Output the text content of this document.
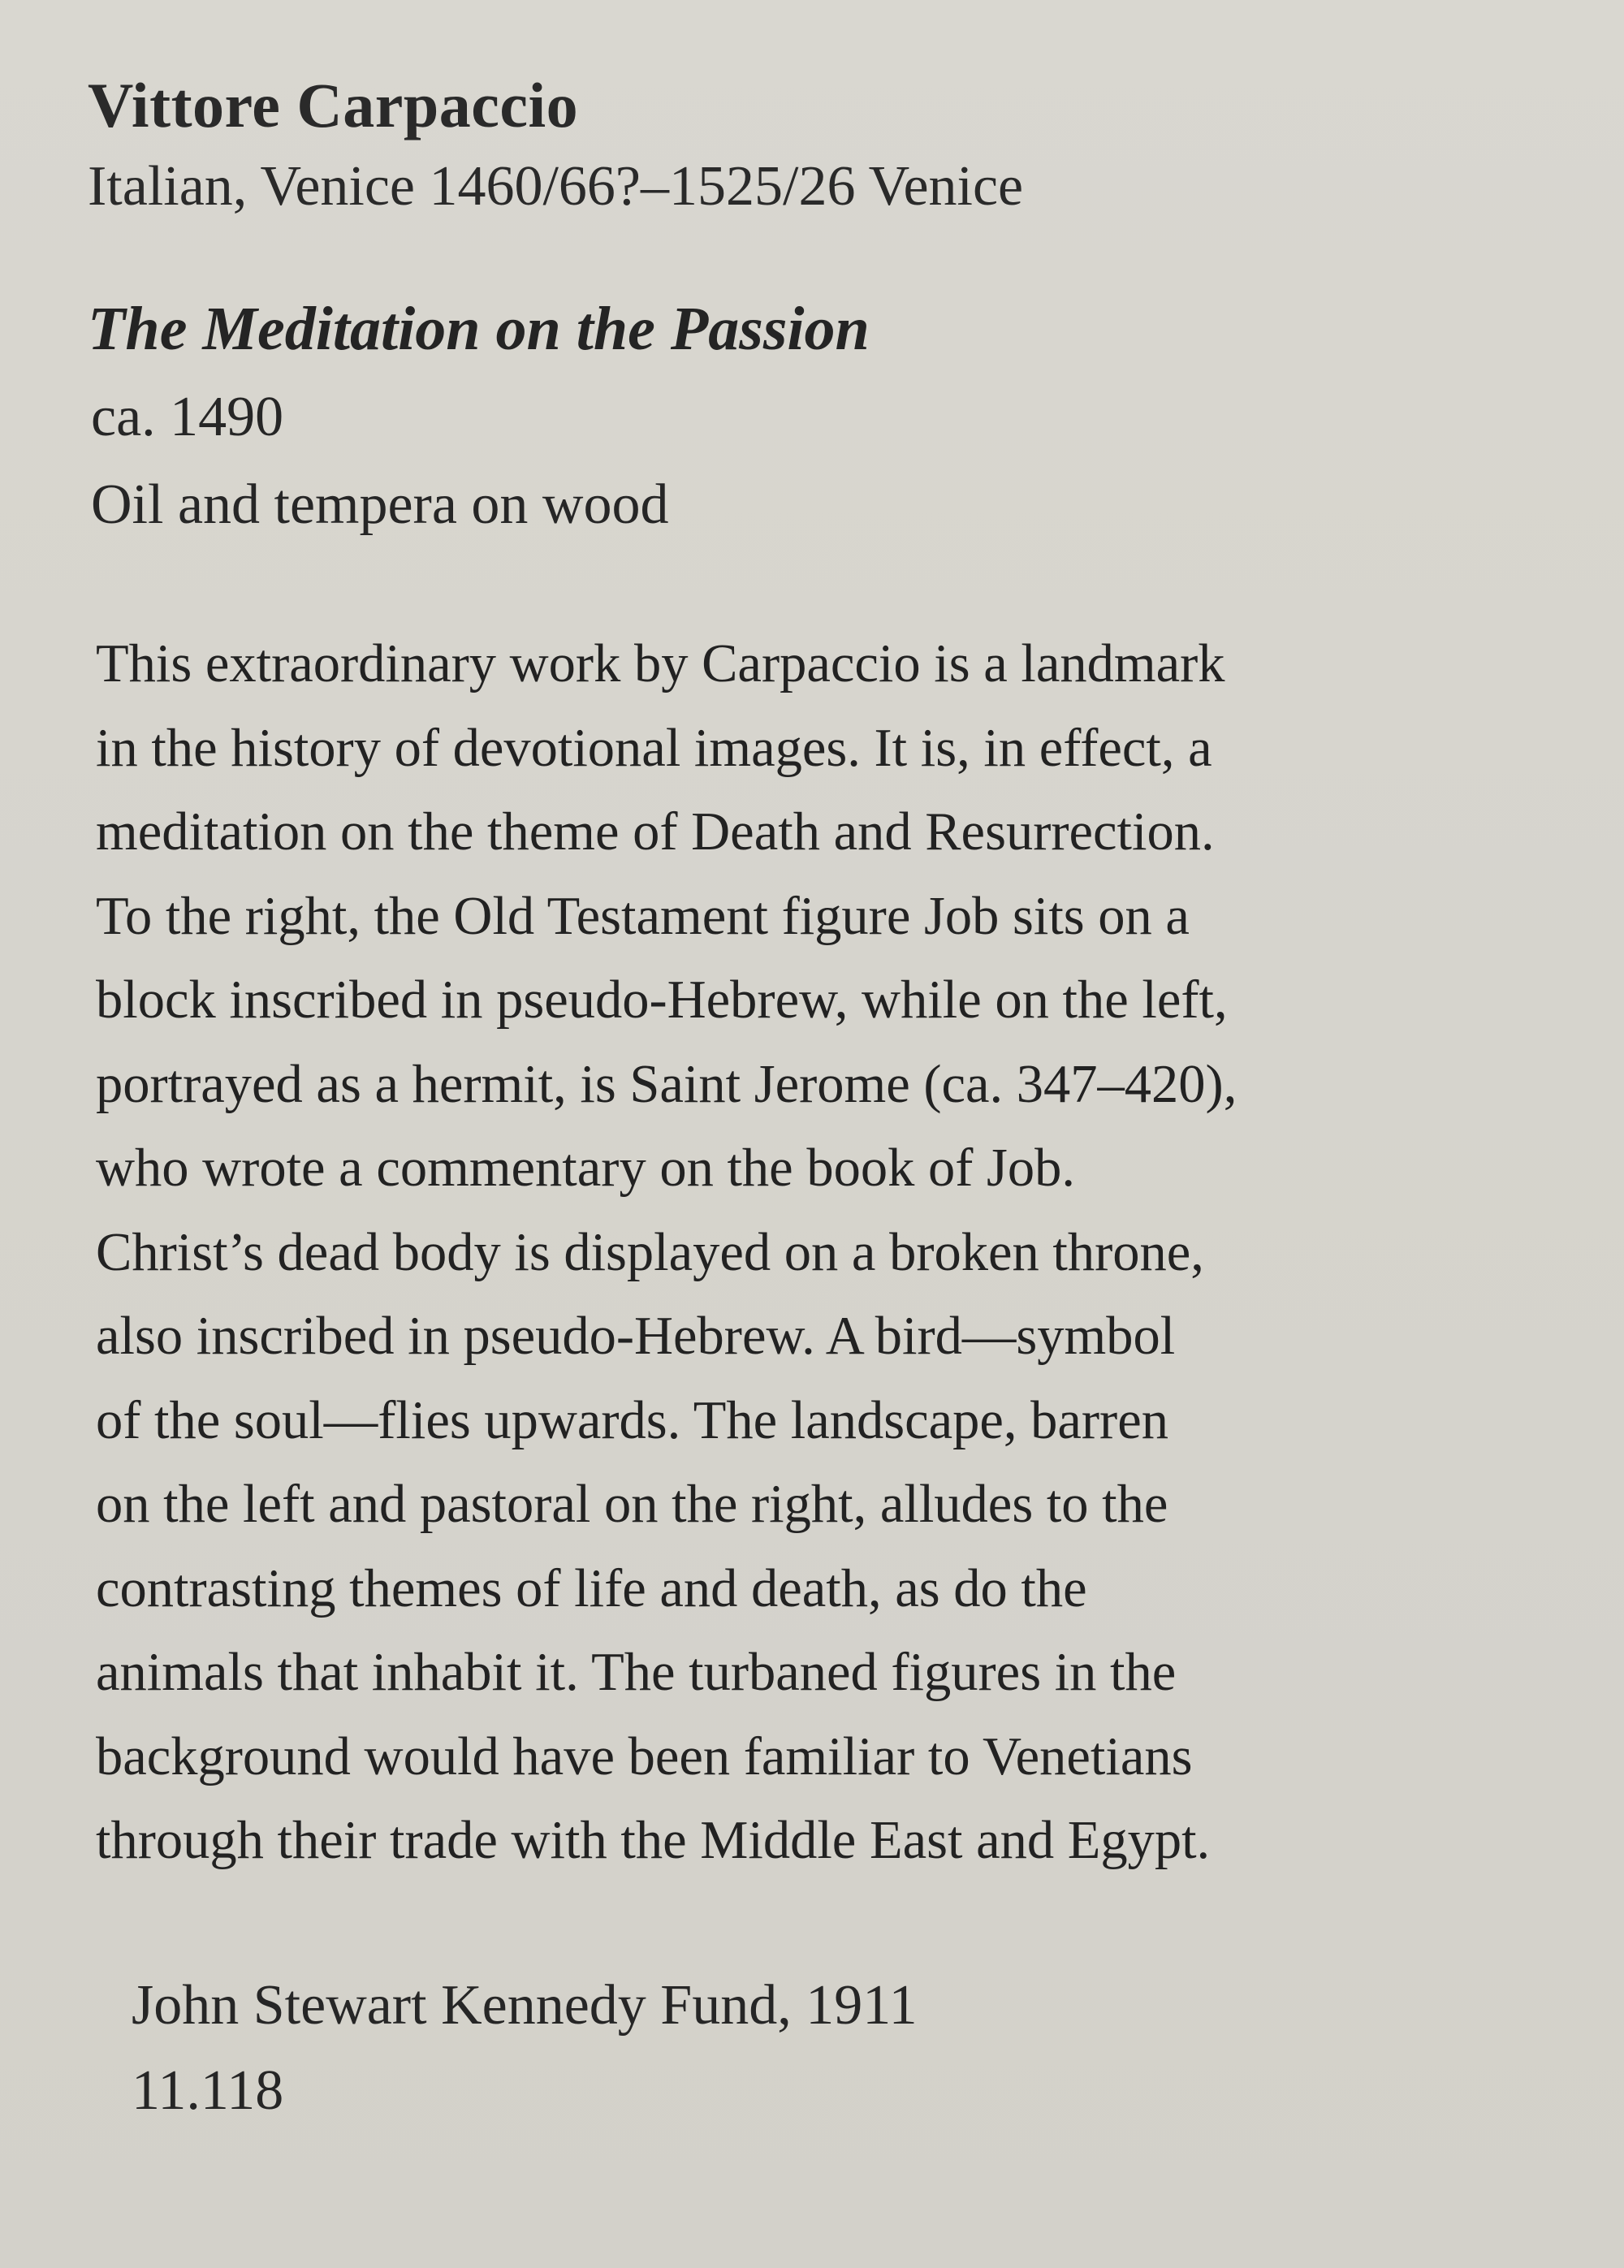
Vittore Carpaccio

Italian, Venice 1460/66?–1525/26 Venice

The Meditation on the Passion

ca. 1490

Oil and tempera on wood

This extraordinary work by Carpaccio is a landmark
in the history of devotional images. It is, in effect, a
meditation on the theme of Death and Resurrection.
To the right, the Old Testament figure Job sits on a
block inscribed in pseudo-Hebrew, while on the left,
portrayed as a hermit, is Saint Jerome (ca. 347–420),
who wrote a commentary on the book of Job.
Christ’s dead body is displayed on a broken throne,
also inscribed in pseudo-Hebrew. A bird—symbol
of the soul—flies upwards. The landscape, barren
on the left and pastoral on the right, alludes to the
contrasting themes of life and death, as do the
animals that inhabit it. The turbaned figures in the
background would have been familiar to Venetians
through their trade with the Middle East and Egypt.
John Stewart Kennedy Fund, 1911
11.118
